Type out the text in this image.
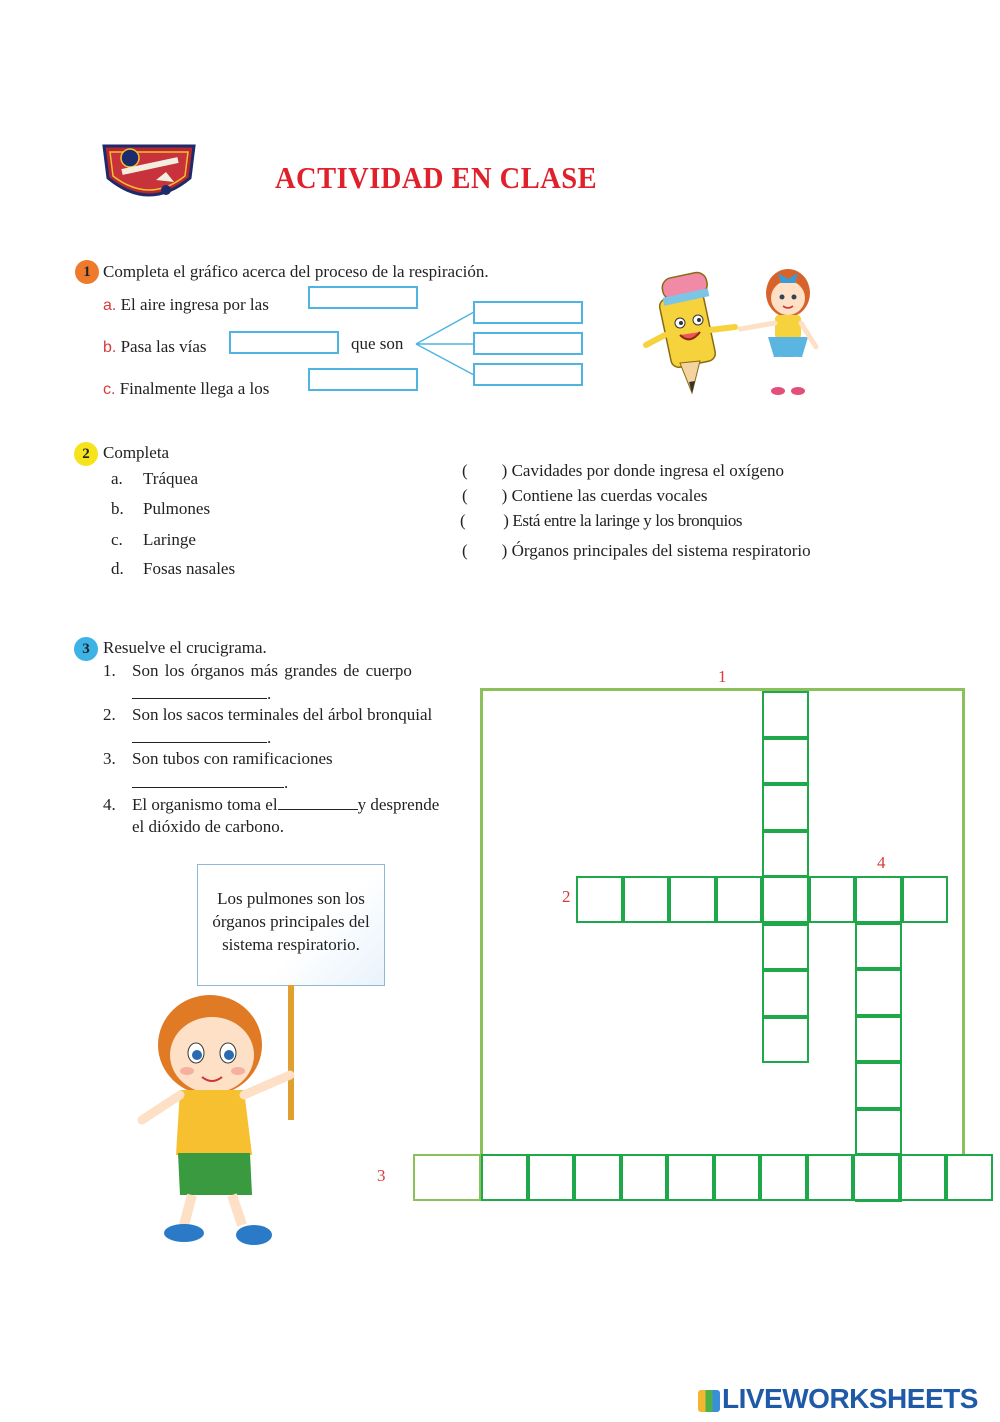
ACTIVIDAD EN CLASE
1 Completa el gráfico acerca del proceso de la respiración.
a. El aire ingresa por las
b. Pasa las vías	que son
c. Finalmente llega a los
2 Completa
a. Tráquea
b. Pulmones
c. Laringe
d. Fosas nasales
( ) Cavidades por donde ingresa el oxígeno
( ) Contiene las cuerdas vocales
( ) Está entre la laringe y los bronquios
( ) Órganos principales del sistema respiratorio
3 Resuelve el crucigrama.
1. Son los órganos más grandes de cuerpo
.
2. Son los sacos terminales del árbol bronquial
.
3. Son tubos con ramificaciones
.
4. El organismo toma el	y desprende
el dióxido de carbono.
Los pulmones son los órganos principales del sistema respiratorio.
1
2
3
4
LIVEWORKSHEETS
